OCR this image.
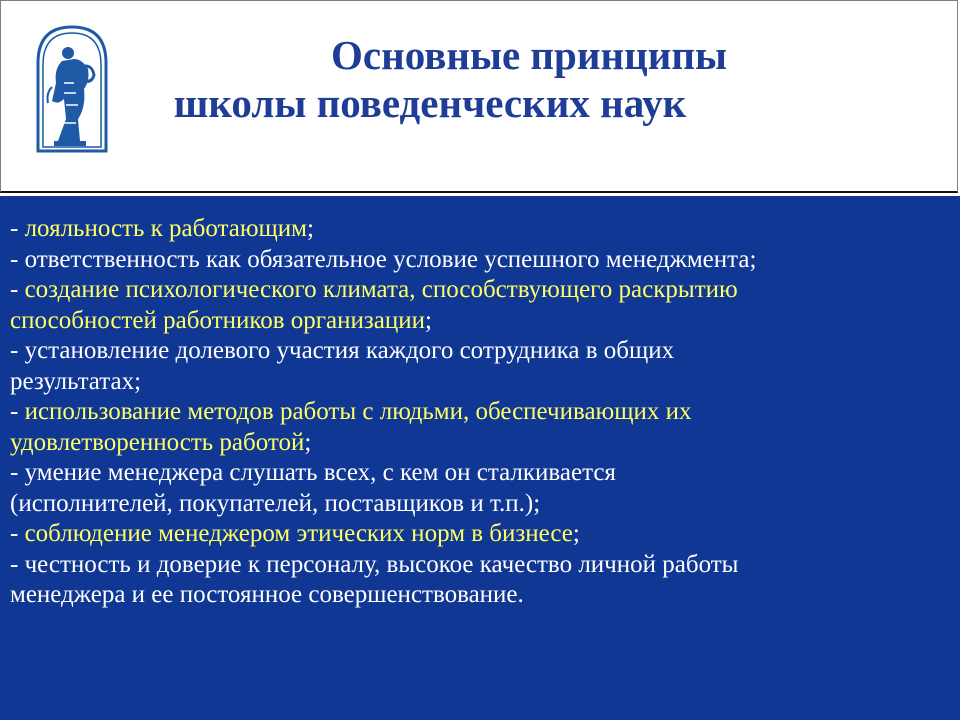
Основные принципы
школы поведенческих наук
- лояльность к работающим;
- ответственность как обязательное условие успешного менеджмента;
- создание психологического климата, способствующего раскрытию
способностей работников организации;
- установление долевого участия каждого сотрудника в общих
результатах;
- использование методов работы с людьми, обеспечивающих их
удовлетворенность работой;
- умение менеджера слушать всех, с кем он сталкивается
(исполнителей, покупателей, поставщиков и т.п.);
- соблюдение менеджером этических норм в бизнесе;
- честность и доверие к персоналу, высокое качество личной работы
менеджера и ее постоянное совершенствование.
